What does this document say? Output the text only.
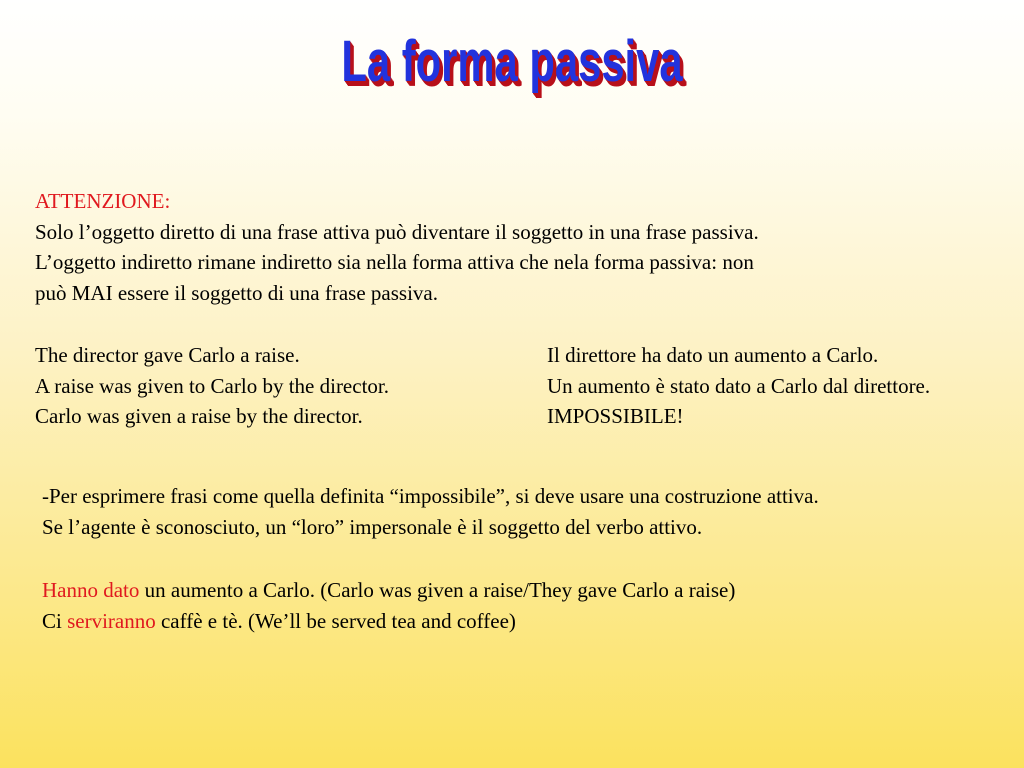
La forma passiva
ATTENZIONE:
Solo l’oggetto diretto di una frase attiva può diventare il soggetto in una frase passiva.
L’oggetto indiretto rimane indiretto sia nella forma attiva che nela forma passiva: non
può MAI essere il soggetto di una frase passiva.
The director gave Carlo a raise.
A raise was given to Carlo by the director.
Carlo was given a raise by the director.
Il direttore ha dato un aumento a Carlo.
Un aumento è stato dato a Carlo dal direttore.
IMPOSSIBILE!
-Per esprimere frasi come quella definita “impossibile”, si deve usare una costruzione attiva.
Se l’agente è sconosciuto, un “loro” impersonale è il soggetto del verbo attivo.
Hanno dato un aumento a Carlo. (Carlo was given a raise/They gave Carlo a raise)
Ci serviranno caffè e tè. (We’ll be served tea and coffee)
